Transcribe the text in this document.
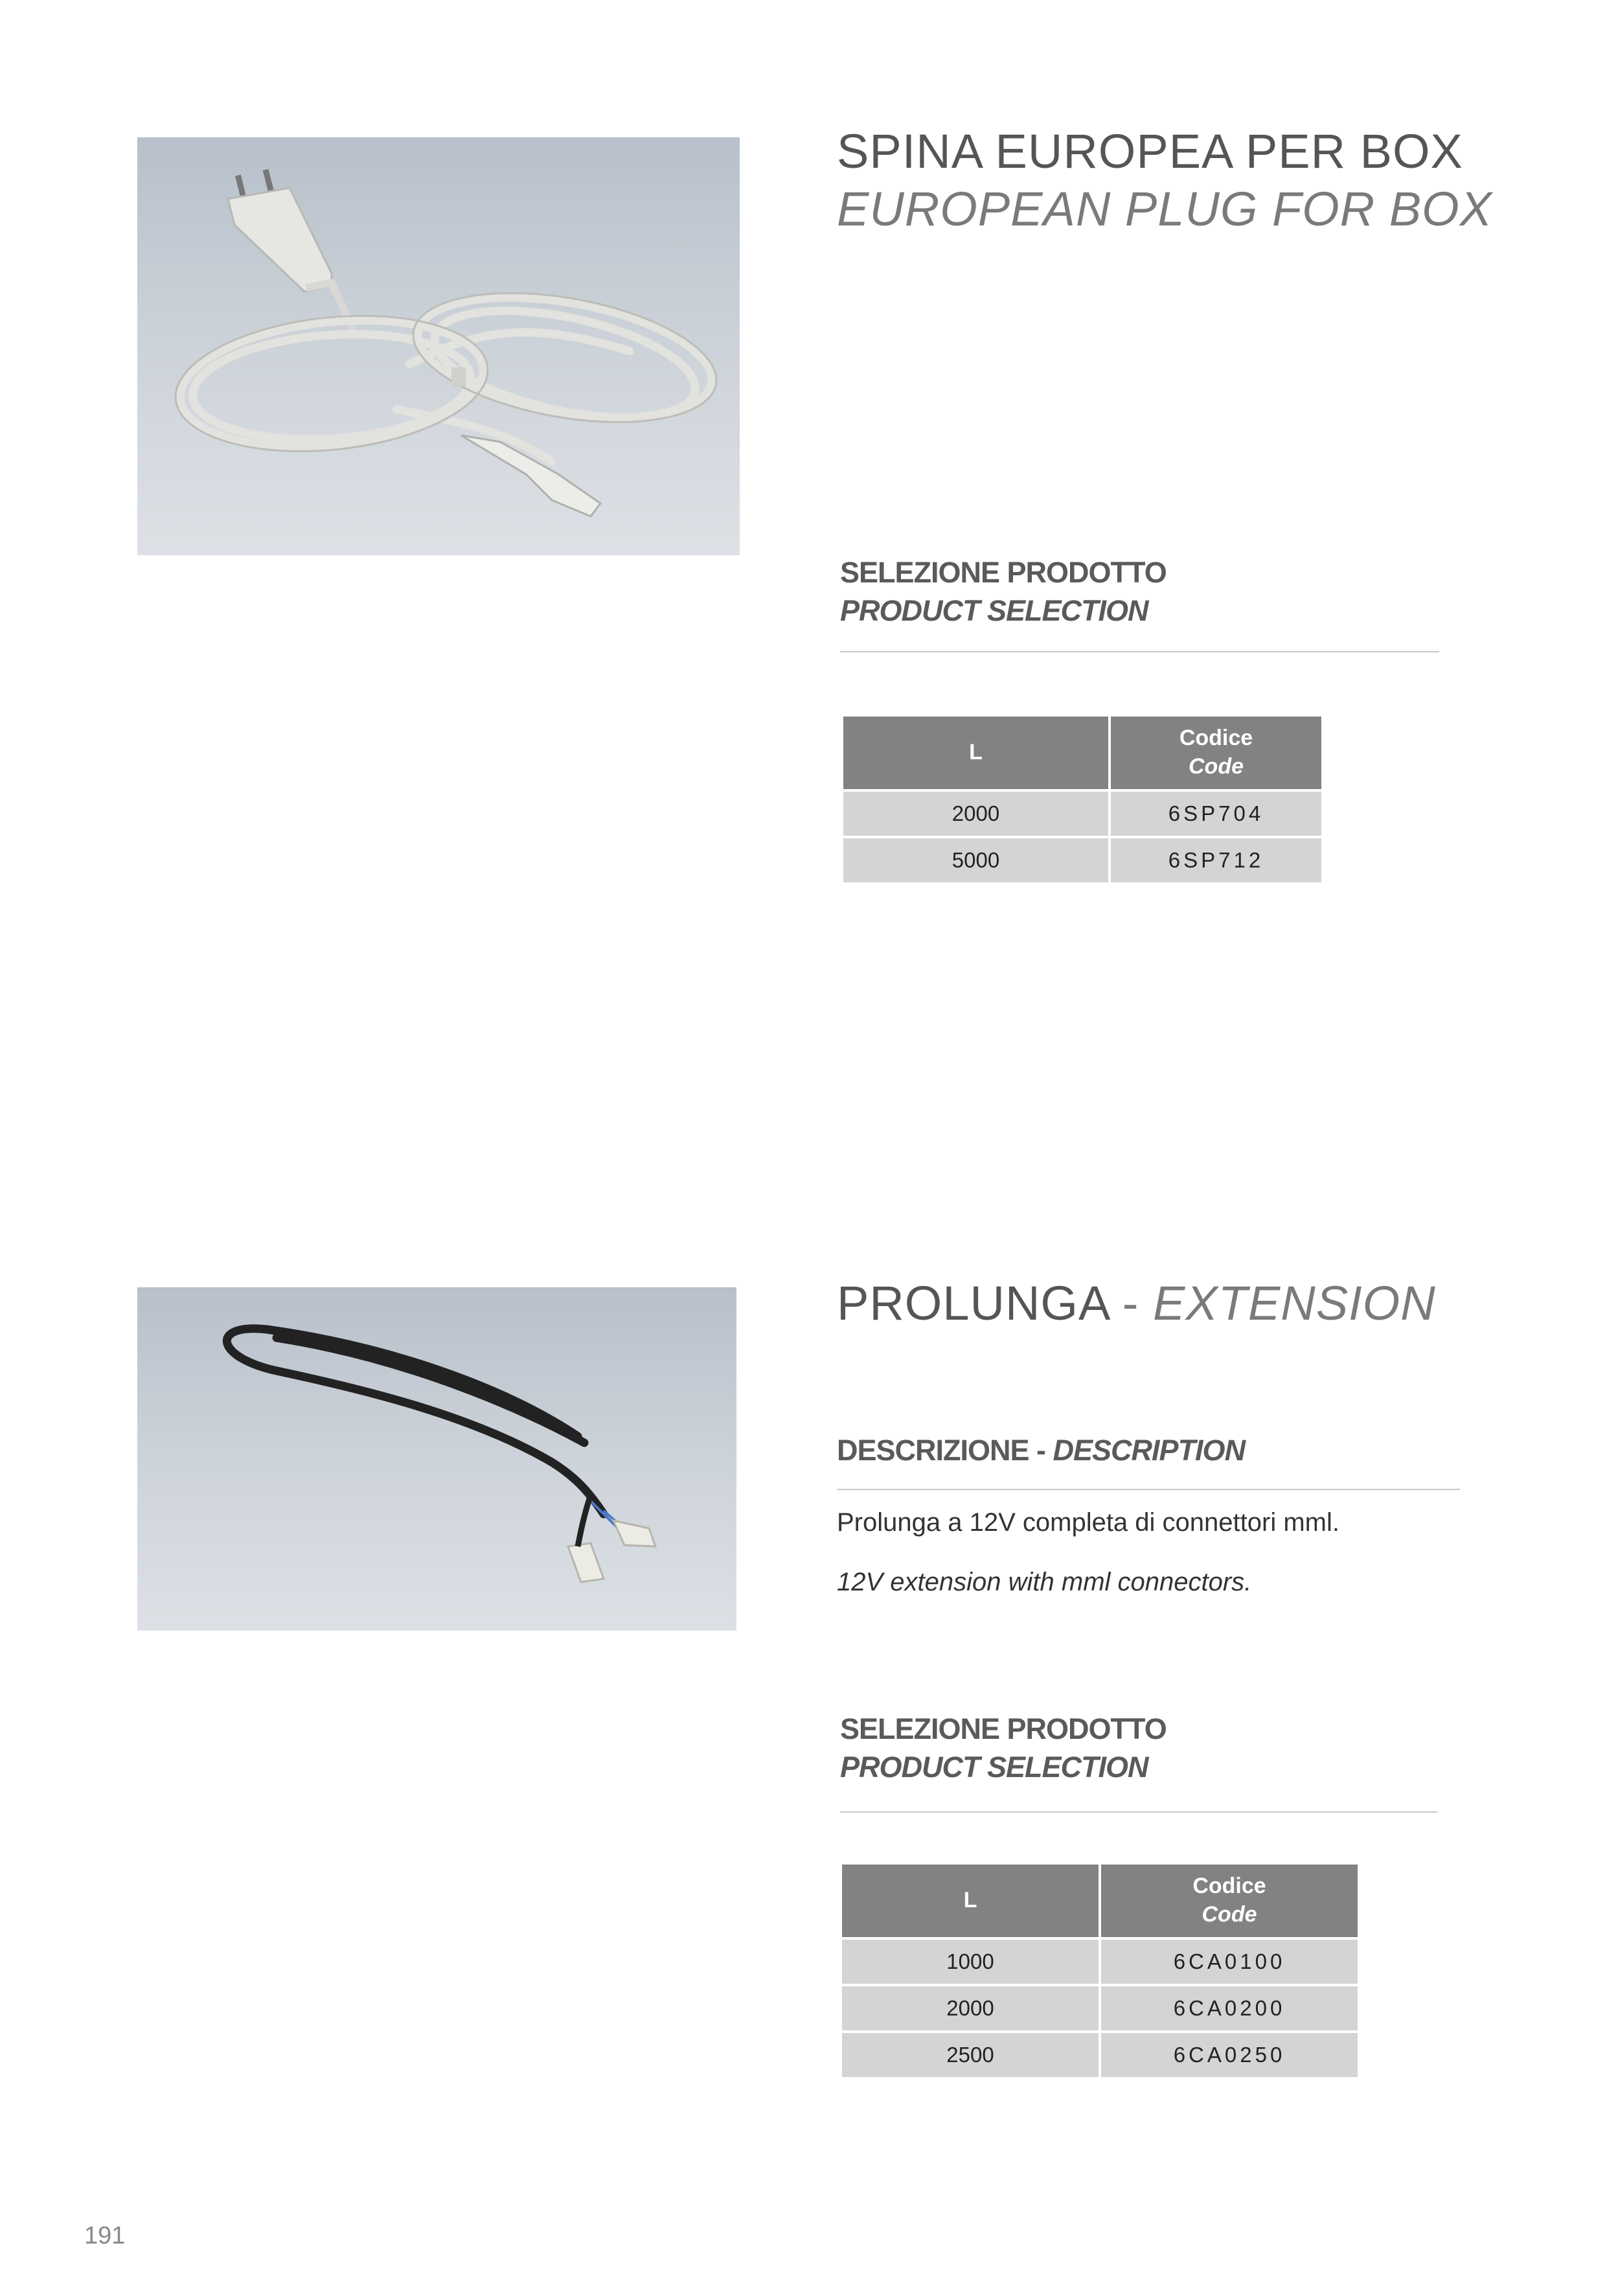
SPINA EUROPEA PER BOX
EUROPEAN PLUG FOR BOX
SELEZIONE PRODOTTO
PRODUCT SELECTION
L	Codice
Code

2000	6SP704
5000	6SP712
PROLUNGA - EXTENSION
DESCRIZIONE - DESCRIPTION
Prolunga a 12V completa di connettori mml.
12V extension with mml connectors.
SELEZIONE PRODOTTO
PRODUCT SELECTION
L	Codice
Code

1000	6CA0100
2000	6CA0200
2500	6CA0250
191
